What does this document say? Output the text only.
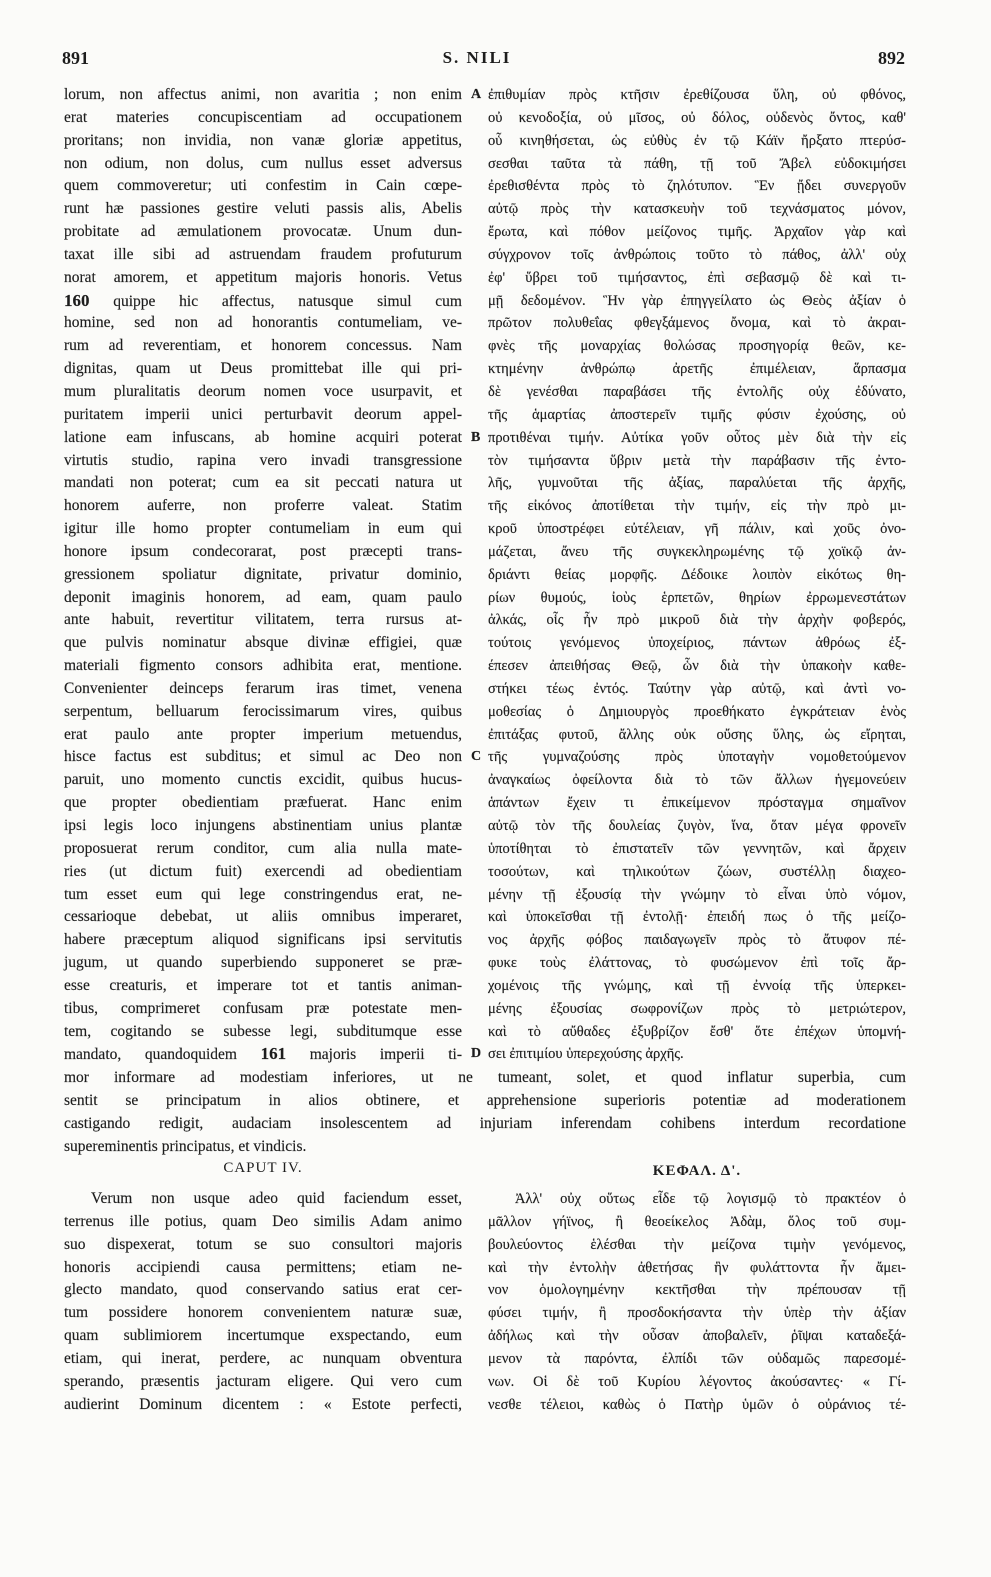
891	S. NILI	892
lorum, non affectus animi, non avaritia ; non enim
erat materies concupiscentiam ad occupationem
proritans; non invidia, non vanæ gloriæ appetitus,
non odium, non dolus, cum nullus esset adversus
quem commoveretur; uti confestim in Cain cœpe-
runt hæ passiones gestire veluti passis alis, Abelis
probitate ad æmulationem provocatæ. Unum dun-
taxat ille sibi ad astruendam fraudem profuturum
norat amorem, et appetitum majoris honoris. Vetus
160 quippe hic affectus, natusque simul cum
homine, sed non ad honorantis contumeliam, ve-
rum ad reverentiam, et honorem concessus. Nam
dignitas, quam ut Deus promittebat ille qui pri-
mum pluralitatis deorum nomen voce usurpavit, et
puritatem imperii unici perturbavit deorum appel-
latione eam infuscans, ab homine acquiri poterat
virtutis studio, rapina vero invadi transgressione
mandati non poterat; cum ea sit peccati natura ut
honorem auferre, non proferre valeat. Statim
igitur ille homo propter contumeliam in eum qui
honore ipsum condecorarat, post præcepti trans-
gressionem spoliatur dignitate, privatur dominio,
deponit imaginis honorem, ad eam, quam paulo
ante habuit, revertitur vilitatem, terra rursus at-
que pulvis nominatur absque divinæ effigiei, quæ
materiali figmento consors adhibita erat, mentione.
Convenienter deinceps ferarum iras timet, venena
serpentum, belluarum ferocissimarum vires, quibus
erat paulo ante propter imperium metuendus,
hisce factus est subditus; et simul ac Deo non
paruit, uno momento cunctis excidit, quibus hucus-
que propter obedientiam præfuerat. Hanc enim
ipsi legis loco injungens abstinentiam unius plantæ
proposuerat rerum conditor, cum alia nulla mate-
ries (ut dictum fuit) exercendi ad obedientiam
tum esset eum qui lege constringendus erat, ne-
cessarioque debebat, ut aliis omnibus imperaret,
habere præceptum aliquod significans ipsi servitutis
jugum, ut quando superbiendo supponeret se præ-
esse creaturis, et imperare tot et tantis animan-
tibus, comprimeret confusam præ potestate men-
tem, cogitando se subesse legi, subditumque esse
mandato, quandoquidem 161 majoris imperii ti-
A ἐπιθυμίαν πρὸς κτῆσιν ἐρεθίζουσα ὕλη, οὐ φθόνος,
οὐ κενοδοξία, οὐ μῖσος, οὐ δόλος, οὐδενὸς ὄντος, καθ'
οὗ κινηθήσεται, ὡς εὐθὺς ἐν τῷ Κάϊν ἤρξατο πτερύσ-
σεσθαι ταῦτα τὰ πάθη, τῇ τοῦ Ἄβελ εὐδοκιμήσει
ἐρεθισθέντα πρὸς τὸ ζηλότυπον. Ἓν ᾔδει συνεργοῦν
αὐτῷ πρὸς τὴν κατασκευὴν τοῦ τεχνάσματος μόνον,
ἔρωτα, καὶ πόθον μείζονος τιμῆς. Ἀρχαῖον γὰρ καὶ
σύγχρονον τοῖς ἀνθρώποις τοῦτο τὸ πάθος, ἀλλ' οὐχ
ἐφ' ὕβρει τοῦ τιμήσαντος, ἐπὶ σεβασμῷ δὲ καὶ τι-
μῇ δεδομένον. Ἣν γὰρ ἐπηγγείλατο ὡς Θεὸς ἀξίαν ὁ
πρῶτον πολυθεΐας φθεγξάμενος ὄνομα, καὶ τὸ ἀκραι-
φνὲς τῆς μοναρχίας θολώσας προσηγορίᾳ θεῶν, κε-
κτημένην ἀνθρώπῳ ἀρετῆς ἐπιμέλειαν, ἅρπασμα
δὲ γενέσθαι παραβάσει τῆς ἐντολῆς οὐχ ἐδύνατο,
τῆς ἁμαρτίας ἀποστερεῖν τιμῆς φύσιν ἐχούσης, οὐ
B προτιθέναι τιμήν. Αὐτίκα γοῦν οὗτος μὲν διὰ τὴν εἰς
τὸν τιμήσαντα ὕβριν μετὰ τὴν παράβασιν τῆς ἐντο-
λῆς, γυμνοῦται τῆς ἀξίας, παραλύεται τῆς ἀρχῆς,
τῆς εἰκόνος ἀποτίθεται τὴν τιμήν, εἰς τὴν πρὸ μι-
κροῦ ὑποστρέφει εὐτέλειαν, γῆ πάλιν, καὶ χοῦς ὀνο-
μάζεται, ἄνευ τῆς συγκεκληρωμένης τῷ χοϊκῷ ἀν-
δριάντι θείας μορφῆς. Δέδοικε λοιπὸν εἰκότως θη-
ρίων θυμούς, ἰοὺς ἑρπετῶν, θηρίων ἐρρωμενεστάτων
ἀλκάς, οἷς ἦν πρὸ μικροῦ διὰ τὴν ἀρχὴν φοβερός,
τούτοις γενόμενος ὑποχείριος, πάντων ἀθρόως ἐξ-
έπεσεν ἀπειθήσας Θεῷ, ὧν διὰ τὴν ὑπακοὴν καθε-
στήκει τέως ἐντός. Ταύτην γὰρ αὐτῷ, καὶ ἀντὶ νο-
μοθεσίας ὁ Δημιουργὸς προεθήκατο ἐγκράτειαν ἑνὸς
ἐπιτάξας φυτοῦ, ἄλλης οὐκ οὔσης ὕλης, ὡς εἴρηται,
C τῆς γυμναζούσης πρὸς ὑποταγὴν νομοθετούμενον
ἀναγκαίως ὀφείλοντα διὰ τὸ τῶν ἄλλων ἡγεμονεύειν
ἁπάντων ἔχειν τι ἐπικείμενον πρόσταγμα σημαῖνον
αὐτῷ τὸν τῆς δουλείας ζυγὸν, ἵνα, ὅταν μέγα φρονεῖν
ὑποτίθηται τὸ ἐπιστατεῖν τῶν γεννητῶν, καὶ ἄρχειν
τοσούτων, καὶ τηλικούτων ζώων, συστέλλῃ διαχεο-
μένην τῇ ἐξουσίᾳ τὴν γνώμην τὸ εἶναι ὑπὸ νόμον,
καὶ ὑποκεῖσθαι τῇ ἐντολῇ· ἐπειδή πως ὁ τῆς μείζο-
νος ἀρχῆς φόβος παιδαγωγεῖν πρὸς τὸ ἄτυφον πέ-
φυκε τοὺς ἐλάττονας, τὸ φυσώμενον ἐπὶ τοῖς ἄρ-
χομένοις τῆς γνώμης, καὶ τῇ ἐννοίᾳ τῆς ὑπερκει-
μένης ἐξουσίας σωφρονίζων πρὸς τὸ μετριώτερον,
καὶ τὸ αὔθαδες ἐξυβρίζον ἔσθ' ὅτε ἐπέχων ὑπομνή-
D σει ἐπιτιμίου ὑπερεχούσης ἀρχῆς.
mor informare ad modestiam inferiores, ut ne tumeant, solet, et quod inflatur superbia, cum
sentit se principatum in alios obtinere, et apprehensione superioris potentiæ ad moderationem
castigando redigit, audaciam insolescentem ad injuriam inferendam cohibens interdum recordatione
supereminentis principatus, et vindicis.
CAPUT IV.	ΚΕΦΑΛ. Δ'.
Verum non usque adeo quid faciendum esset,
terrenus ille potius, quam Deo similis Adam animo
suo dispexerat, totum se suo consultori majoris
honoris accipiendi causa permittens; etiam ne-
glecto mandato, quod conservando satius erat cer-
tum possidere honorem convenientem naturæ suæ,
quam sublimiorem incertumque exspectando, eum
etiam, qui inerat, perdere, ac nunquam obventura
sperando, præsentis jacturam eligere. Qui vero cum
audierint Dominum dicentem : « Estote perfecti,
Ἀλλ' οὐχ οὕτως εἶδε τῷ λογισμῷ τὸ πρακτέον ὁ
μᾶλλον γήϊνος, ἢ θεοείκελος Ἀδὰμ, ὅλος τοῦ συμ-
βουλεύοντος ἑλέσθαι τὴν μείζονα τιμὴν γενόμενος,
καὶ τὴν ἐντολὴν ἀθετήσας ἣν φυλάττοντα ἦν ἄμει-
νον ὁμολογημένην κεκτῆσθαι τὴν πρέπουσαν τῇ
φύσει τιμήν, ἢ προσδοκήσαντα τὴν ὑπὲρ τὴν ἀξίαν
ἀδήλως καὶ τὴν οὖσαν ἀποβαλεῖν, ῥῖψαι καταδεξά-
μενον τὰ παρόντα, ἐλπίδι τῶν οὐδαμῶς παρεσομέ-
νων. Οἱ δὲ τοῦ Κυρίου λέγοντος ἀκούσαντες· « Γί-
νεσθε τέλειοι, καθὼς ὁ Πατὴρ ὑμῶν ὁ οὐράνιος τέ-
